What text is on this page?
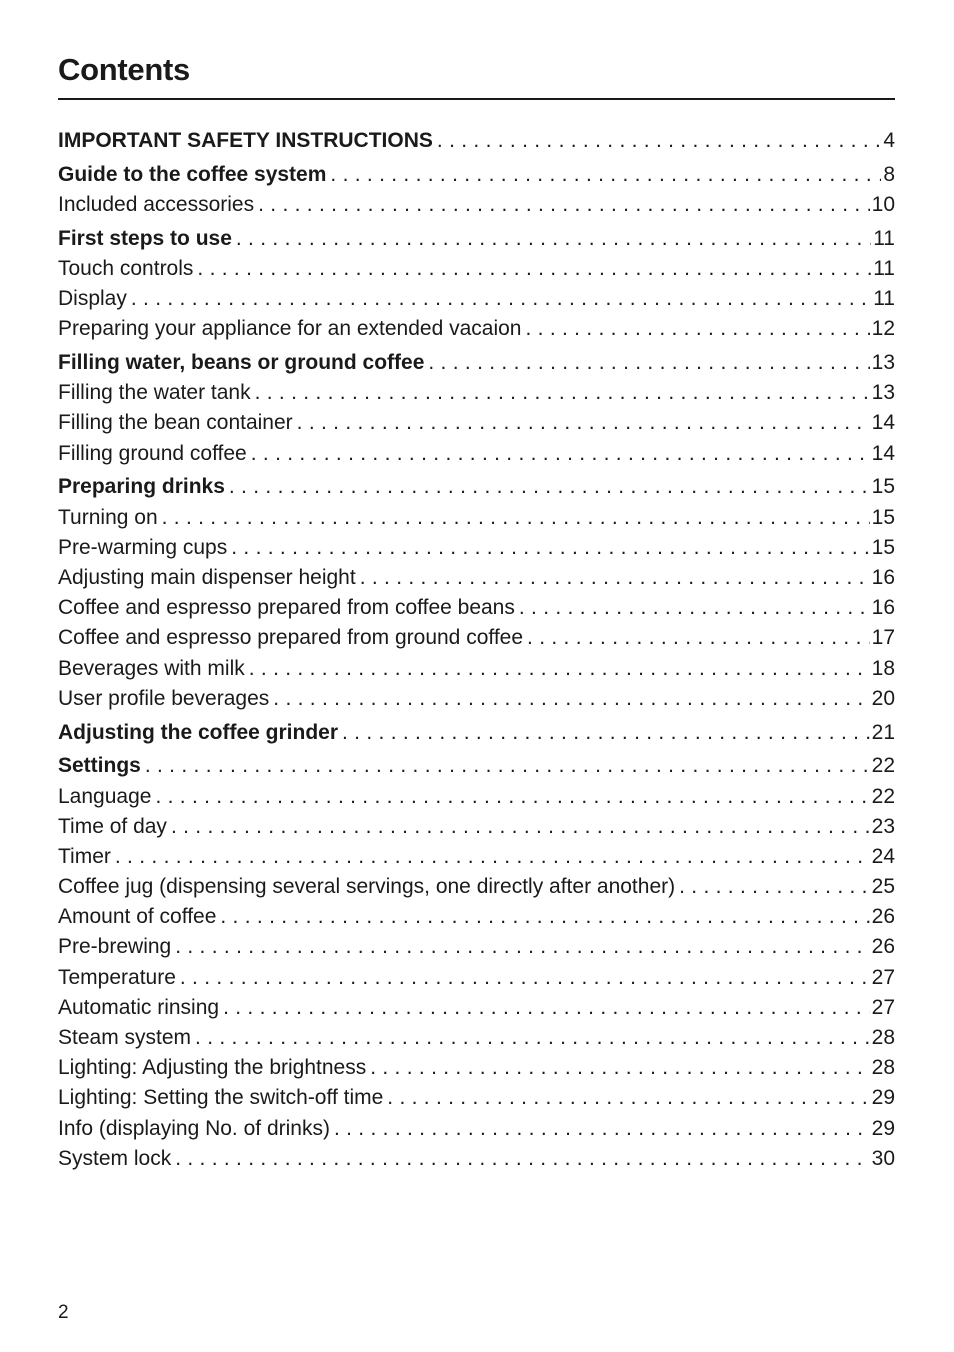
Contents
IMPORTANT SAFETY INSTRUCTIONS . . .	4
Guide to the coffee system . . .	8
Included accessories . . .	10
First steps to use . . .	11
Touch controls . . .	11
Display . . .	11
Preparing your appliance for an extended vacaion . . .	12
Filling water, beans or ground coffee . . .	13
Filling the water tank . . .	13
Filling the bean container . . .	14
Filling ground coffee . . .	14
Preparing drinks . . .	15
Turning on . . .	15
Pre-warming cups . . .	15
Adjusting main dispenser height . . .	16
Coffee and espresso prepared from coffee beans . . .	16
Coffee and espresso prepared from ground coffee . . .	17
Beverages with milk . . .	18
User profile beverages . . .	20
Adjusting the coffee grinder . . .	21
Settings . . .	22
Language . . .	22
Time of day . . .	23
Timer . . .	24
Coffee jug (dispensing several servings, one directly after another) . . .	25
Amount of coffee . . .	26
Pre-brewing . . .	26
Temperature . . .	27
Automatic rinsing . . .	27
Steam system . . .	28
Lighting: Adjusting the brightness . . .	28
Lighting: Setting the switch-off time . . .	29
Info (displaying No. of drinks) . . .	29
System lock . . .	30
2
